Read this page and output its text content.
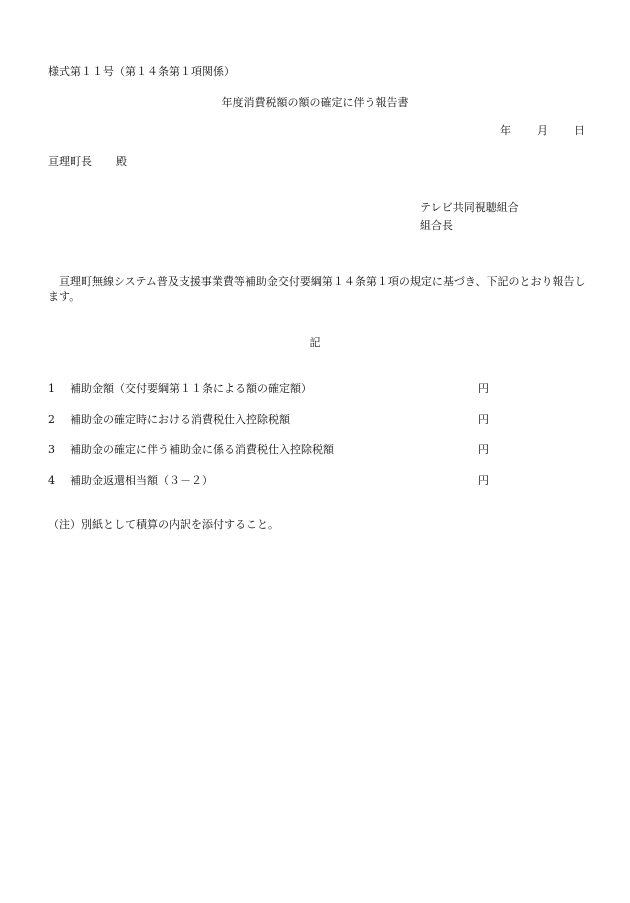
様式第１１号（第１４条第１項関係）
年度消費税額の額の確定に伴う報告書
年 月 日
亘理町長 殿
テレビ共同視聴組合
組合長
亘理町無線システム普及支援事業費等補助金交付要綱第１４条第１項の規定に基づき、下記のとおり報告します。
記
1 補助金額（交付要綱第１１条による額の確定額）	円
2 補助金の確定時における消費税仕入控除税額	円
3 補助金の確定に伴う補助金に係る消費税仕入控除税額	円
4 補助金返還相当額（３－２）	円
（注）別紙として積算の内訳を添付すること。
